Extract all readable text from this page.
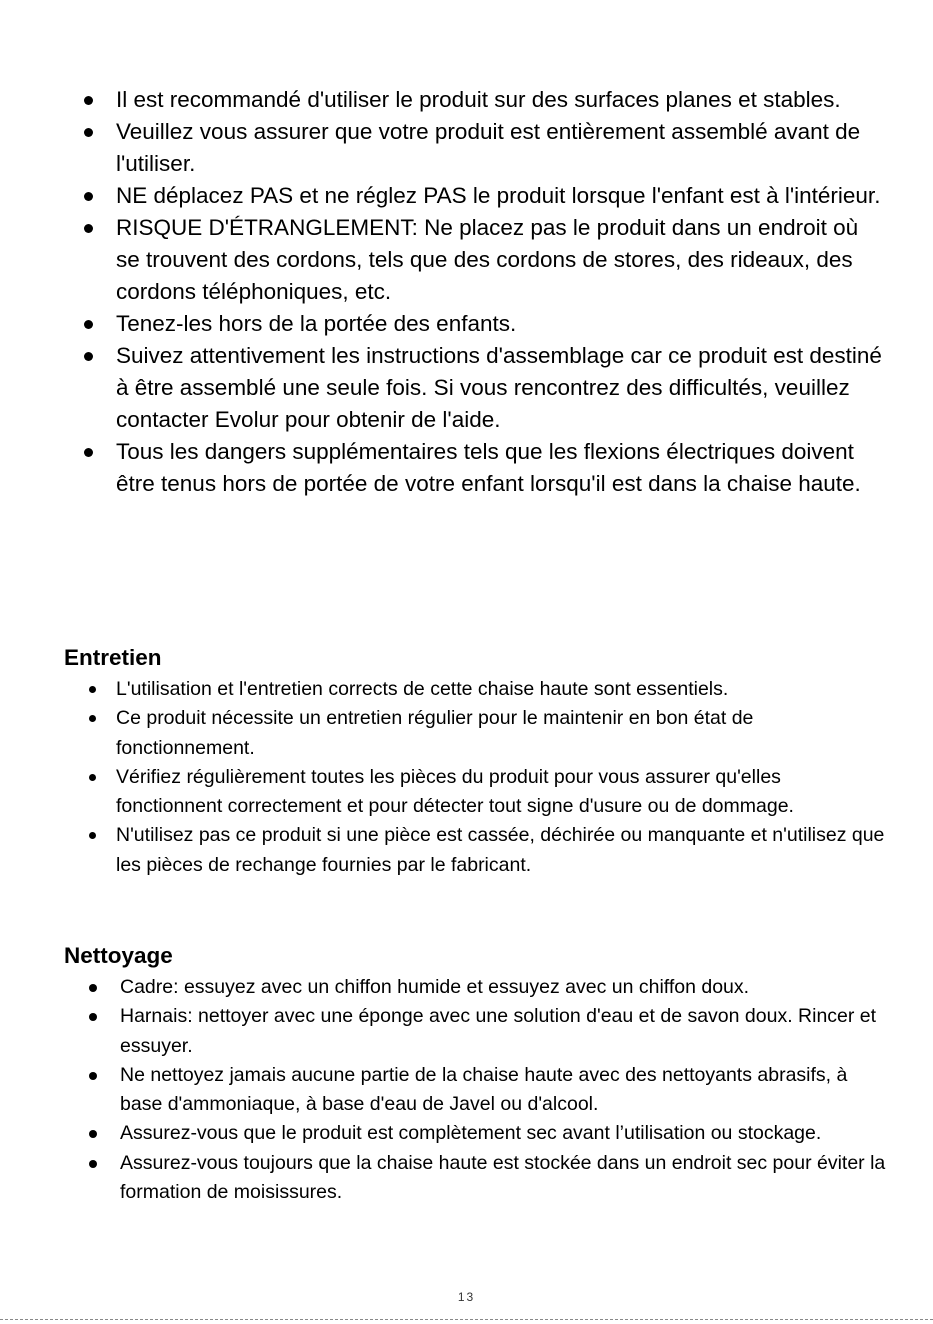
Il est recommandé d'utiliser le produit sur des surfaces planes et stables.
Veuillez vous assurer que votre produit est entièrement assemblé avant de l'utiliser.
NE déplacez PAS et ne réglez PAS le produit lorsque l'enfant est à l'intérieur.
RISQUE D'ÉTRANGLEMENT: Ne placez pas le produit dans un endroit où se trouvent des cordons, tels que des cordons de stores, des rideaux, des cordons téléphoniques, etc.
Tenez-les hors de la portée des enfants.
Suivez attentivement les instructions d'assemblage car ce produit est destiné à être assemblé une seule fois. Si vous rencontrez des difficultés, veuillez contacter Evolur pour obtenir de l'aide.
Tous les dangers supplémentaires tels que les flexions électriques doivent être tenus hors de portée de votre enfant lorsqu'il est dans la chaise haute.
Entretien
L'utilisation et l'entretien corrects de cette chaise haute sont essentiels.
Ce produit nécessite un entretien régulier pour le maintenir en bon état de fonctionnement.
Vérifiez régulièrement toutes les pièces du produit pour vous assurer qu'elles fonctionnent correctement et pour détecter tout signe d'usure ou de dommage.
N'utilisez pas ce produit si une pièce est cassée, déchirée ou manquante et n'utilisez que les pièces de rechange fournies par le fabricant.
Nettoyage
Cadre: essuyez avec un chiffon humide et essuyez avec un chiffon doux.
Harnais: nettoyer avec une éponge avec une solution d'eau et de savon doux. Rincer et essuyer.
Ne nettoyez jamais aucune partie de la chaise haute avec des nettoyants abrasifs, à base d'ammoniaque, à base d'eau de Javel ou d'alcool.
Assurez-vous que le produit est complètement sec avant l’utilisation ou stockage.
Assurez-vous toujours que la chaise haute est stockée dans un endroit sec pour éviter la formation de moisissures.
13
